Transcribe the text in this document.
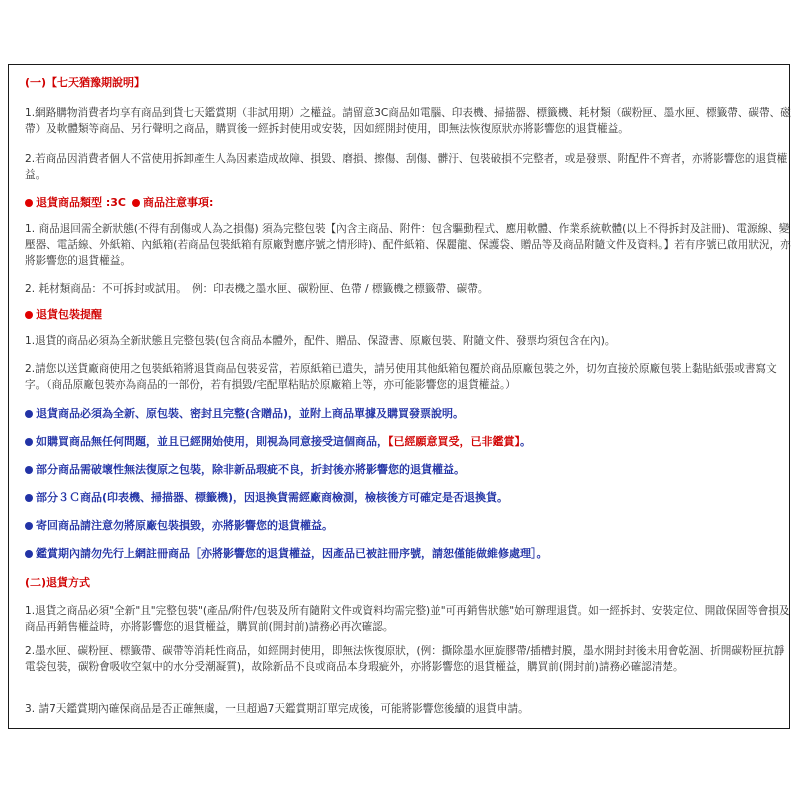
(一)【七天猶豫期說明】

1.網路購物消費者均享有商品到貨七天鑑賞期（非試用期）之權益。請留意3C商品如電腦、印表機、掃描器、標籤機、耗材類（碳粉匣、墨水匣、標籤帶、碳帶、磁帶）及軟體類等商品、另行聲明之商品，購買後一經拆封使用或安裝，因如經開封使用，即無法恢復原狀亦將影響您的退貨權益。

2.若商品因消費者個人不當使用拆卸產生人為因素造成故障、損毀、磨損、擦傷、刮傷、髒汙、包裝破損不完整者，或是發票、附配件不齊者，亦將影響您的退貨權益。

退貨商品類型 :3C 商品注意事項:

1. 商品退回需全新狀態(不得有刮傷或人為之損傷) 須為完整包裝【內含主商品、附件：包含驅動程式、應用軟體、作業系統軟體(以上不得拆封及註冊)、電源線、變壓器、電話線、外紙箱、內紙箱(若商品包裝紙箱有原廠對應序號之情形時)、配件紙箱、保麗龍、保護袋、贈品等及商品附隨文件及資料。】若有序號已啟用狀況，亦將影響您的退貨權益。

2. 耗材類商品：不可拆封或試用。　例：印表機之墨水匣、碳粉匣、色帶 / 標籤機之標籤帶、碳帶。

退貨包裝提醒

1.退貨的商品必須為全新狀態且完整包裝(包含商品本體外，配件、贈品、保證書、原廠包裝、附隨文件、發票均須包含在內)。

2.請您以送貨廠商使用之包裝紙箱將退貨商品包裝妥當，若原紙箱已遺失，請另使用其他紙箱包覆於商品原廠包裝之外，切勿直接於原廠包裝上黏貼紙張或書寫文字。（商品原廠包裝亦為商品的一部份，若有損毀/宅配單粘貼於原廠箱上等，亦可能影響您的退貨權益。）

退貨商品必須為全新、原包裝、密封且完整(含贈品)，並附上商品單據及購買發票說明。
如購買商品無任何問題，並且已經開始使用，則視為同意接受這個商品，【已經願意買受，已非鑑賞】。
部分商品需破壞性無法復原之包裝，除非新品瑕疵不良，折封後亦將影響您的退貨權益。
部分３Ｃ商品(印表機、掃描器、標籤機)，因退換貨需經廠商檢測，檢核後方可確定是否退換貨。
寄回商品請注意勿將原廠包裝損毀，亦將影響您的退貨權益。
鑑賞期內請勿先行上網註冊商品［亦將影響您的退貨權益，因產品已被註冊序號，請恕僅能做維修處理］。
(二)退貨方式

1.退貨之商品必須"全新"且"完整包裝"(產品/附件/包裝及所有隨附文件或資料均需完整)並"可再銷售狀態"始可辦理退貨。如一經拆封、安裝定位、開啟保固等會損及商品再銷售權益時，亦將影響您的退貨權益，購買前(開封前)請務必再次確認。

2.墨水匣、碳粉匣、標籤帶、碳帶等消耗性商品，如經開封使用，即無法恢復原狀，(例：撕除墨水匣旋膠帶/插槽封膜，墨水開封封後未用會乾涸、折開碳粉匣抗靜電袋包裝，碳粉會吸收空氣中的水分受潮凝質)，故除新品不良或商品本身瑕疵外，亦將影響您的退貨權益，購買前(開封前)請務必確認清楚。

3. 請7天鑑賞期內確保商品是否正確無虞，一旦超過7天鑑賞期訂單完成後，可能將影響您後續的退貨申請。
